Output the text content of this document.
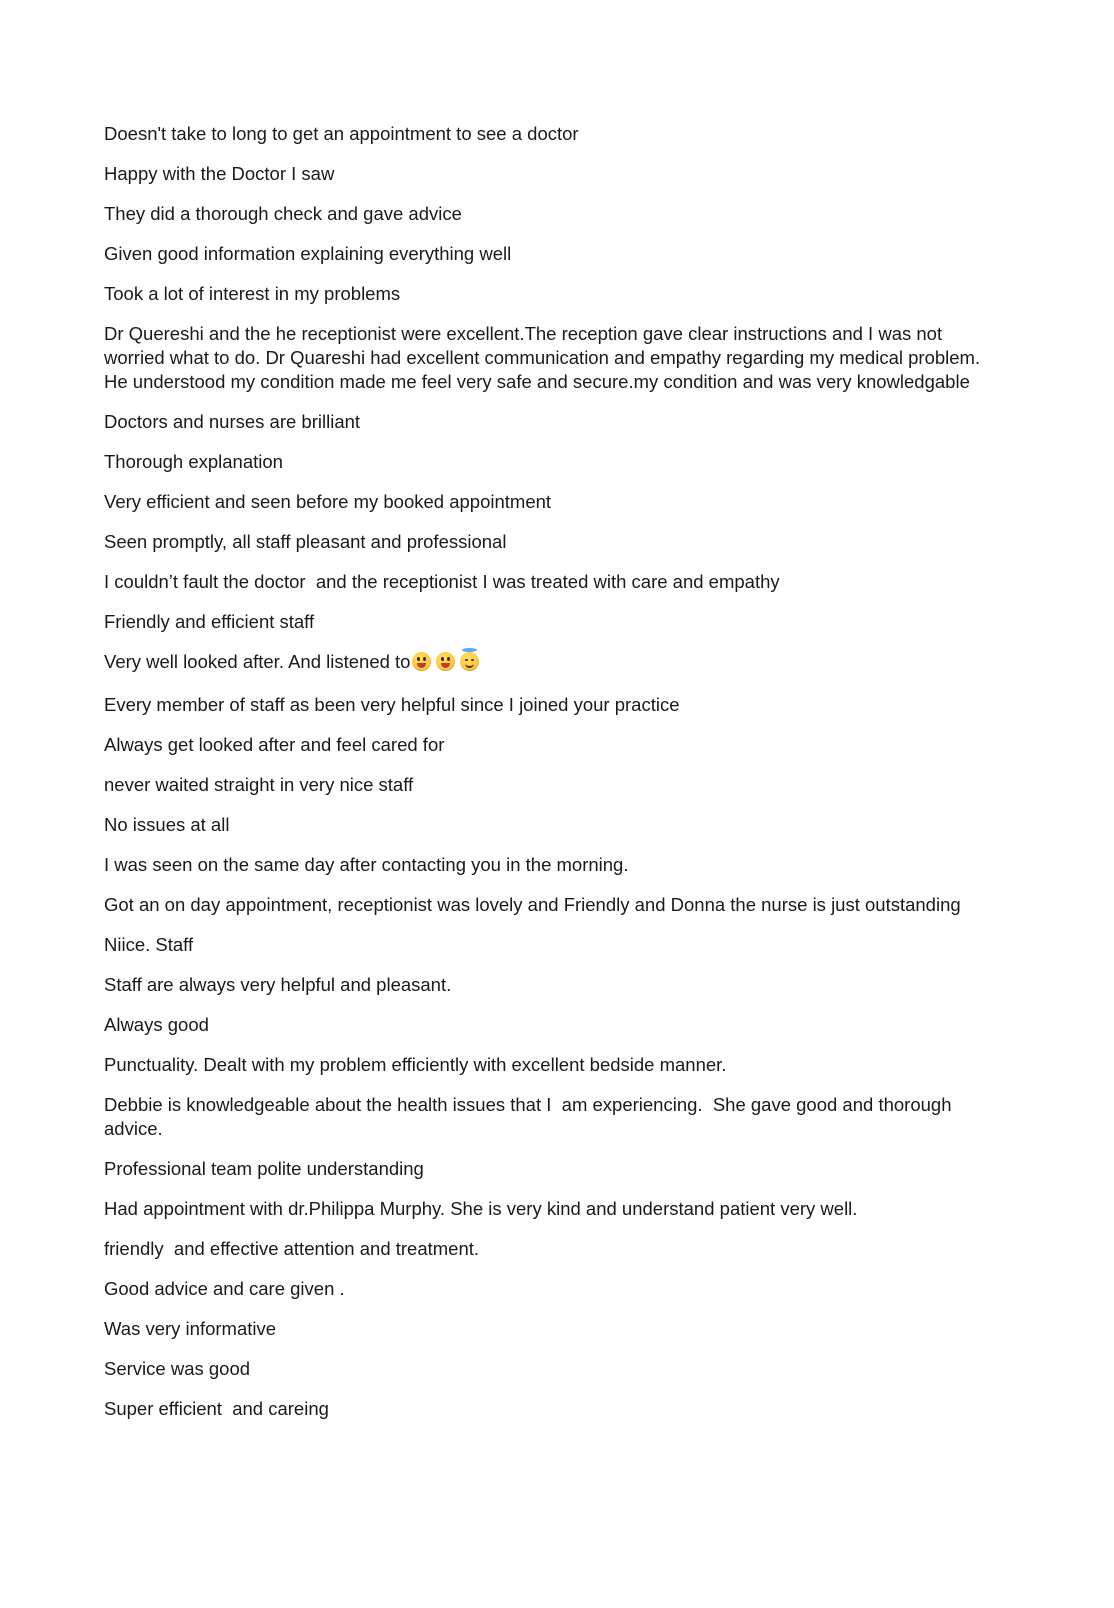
Doesn't take to long to get an appointment to see a doctor

Happy with the Doctor I saw

They did a thorough check and gave advice

Given good information explaining everything well

Took a lot of interest in my problems

Dr Quereshi and the he receptionist were excellent.The reception gave clear instructions and I was not worried what to do. Dr Quareshi had excellent communication and empathy regarding my medical problem.  He understood my condition made me feel very safe and secure.my condition and was very knowledgable

Doctors and nurses are brilliant

Thorough explanation

Very efficient and seen before my booked appointment

Seen promptly, all staff pleasant and professional

I couldn’t fault the doctor  and the receptionist I was treated with care and empathy

Friendly and efficient staff

Very well looked after. And listened to

Every member of staff as been very helpful since I joined your practice

Always get looked after and feel cared for

never waited straight in very nice staff

No issues at all

I was seen on the same day after contacting you in the morning.

Got an on day appointment, receptionist was lovely and Friendly and Donna the nurse is just outstanding

Niice. Staff

Staff are always very helpful and pleasant.

Always good

Punctuality. Dealt with my problem efficiently with excellent bedside manner.

Debbie is knowledgeable about the health issues that I  am experiencing.  She gave good and thorough advice.

Professional team polite understanding

Had appointment with dr.Philippa Murphy. She is very kind and understand patient very well.

friendly  and effective attention and treatment.

Good advice and care given .

Was very informative

Service was good

Super efficient  and careing
